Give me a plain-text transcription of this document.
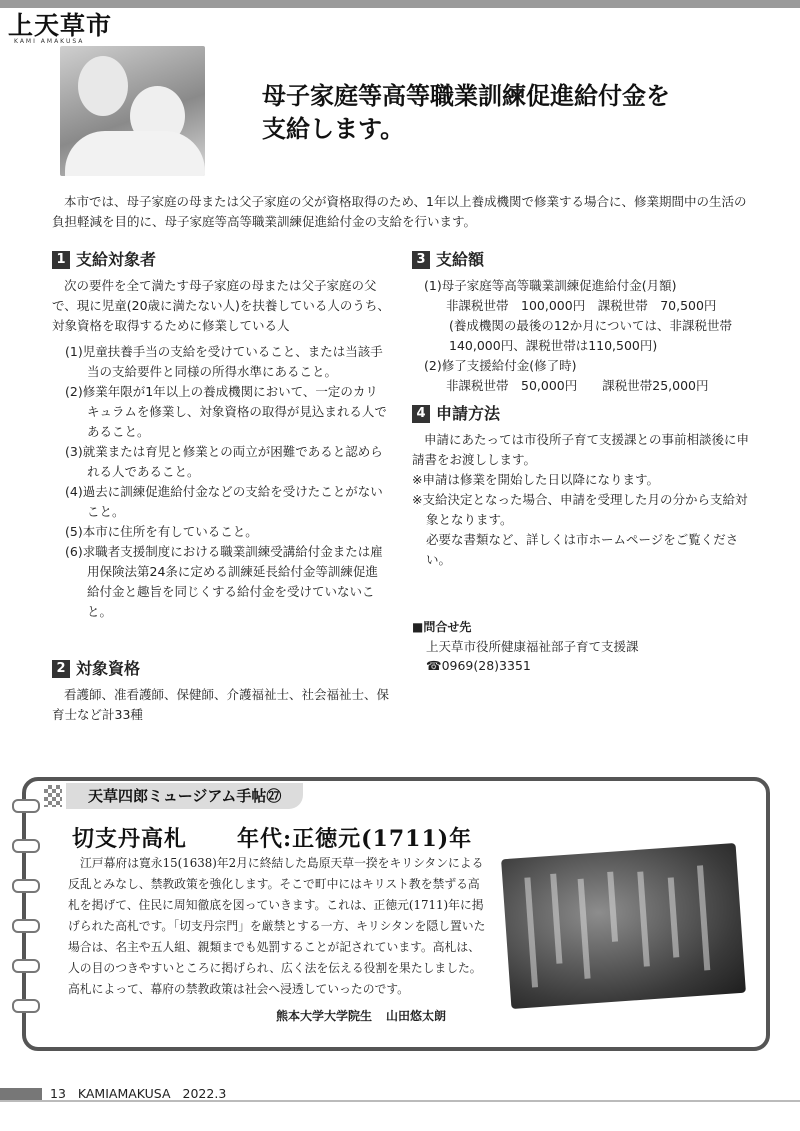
上天草市
KAMI AMAKUSA
母子家庭等高等職業訓練促進給付金を
支給します。
本市では、母子家庭の母または父子家庭の父が資格取得のため、1年以上養成機関で修業する場合に、修業期間中の生活の負担軽減を目的に、母子家庭等高等職業訓練促進給付金の支給を行います。
1 支給対象者

次の要件を全て満たす母子家庭の母または父子家庭の父で、現に児童(20歳に満たない人)を扶養している人のうち、対象資格を取得するために修業している人

(1)児童扶養手当の支給を受けていること、または当該手当の支給要件と同様の所得水準にあること。
(2)修業年限が1年以上の養成機関において、一定のカリキュラムを修業し、対象資格の取得が見込まれる人であること。
(3)就業または育児と修業との両立が困難であると認められる人であること。
(4)過去に訓練促進給付金などの支給を受けたことがないこと。
(5)本市に住所を有していること。
(6)求職者支援制度における職業訓練受講給付金または雇用保険法第24条に定める訓練延長給付金等訓練促進給付金と趣旨を同じくする給付金を受けていないこと。
2 対象資格

看護師、准看護師、保健師、介護福祉士、社会福祉士、保育士など計33種

3 支給額

(1)母子家庭等高等職業訓練促進給付金(月額)

非課税世帯　100,000円　課税世帯　70,500円

(養成機関の最後の12か月については、非課税世帯140,000円、課税世帯は110,500円)

(2)修了支援給付金(修了時)

非課税世帯　50,000円　　課税世帯25,000円

4 申請方法

申請にあたっては市役所子育て支援課との事前相談後に申請書をお渡しします。

※申請は修業を開始した日以降になります。

※支給決定となった場合、申請を受理した月の分から支給対象となります。

必要な書類など、詳しくは市ホームページをご覧ください。

■問合せ先
上天草市役所健康福祉部子育て支援課
☎0969(28)3351
天草四郎ミュージアム手帖㉗
切支丹高札 年代:正徳元(1711)年

江戸幕府は寛永15(1638)年2月に終結した島原天草一揆をキリシタンによる反乱とみなし、禁教政策を強化します。そこで町中にはキリスト教を禁ずる高札を掲げて、住民に周知徹底を図っていきます。これは、正徳元(1711)年に掲げられた高札です。「切支丹宗門」を厳禁とする一方、キリシタンを隠し置いた場合は、名主や五人組、親類までも処罰することが記されています。高札は、人の目のつきやすいところに掲げられ、広く法を伝える役割を果たしました。高札によって、幕府の禁教政策は社会へ浸透していったのです。

熊本大学大学院生 山田悠太朗
13 KAMIAMAKUSA 2022.3
